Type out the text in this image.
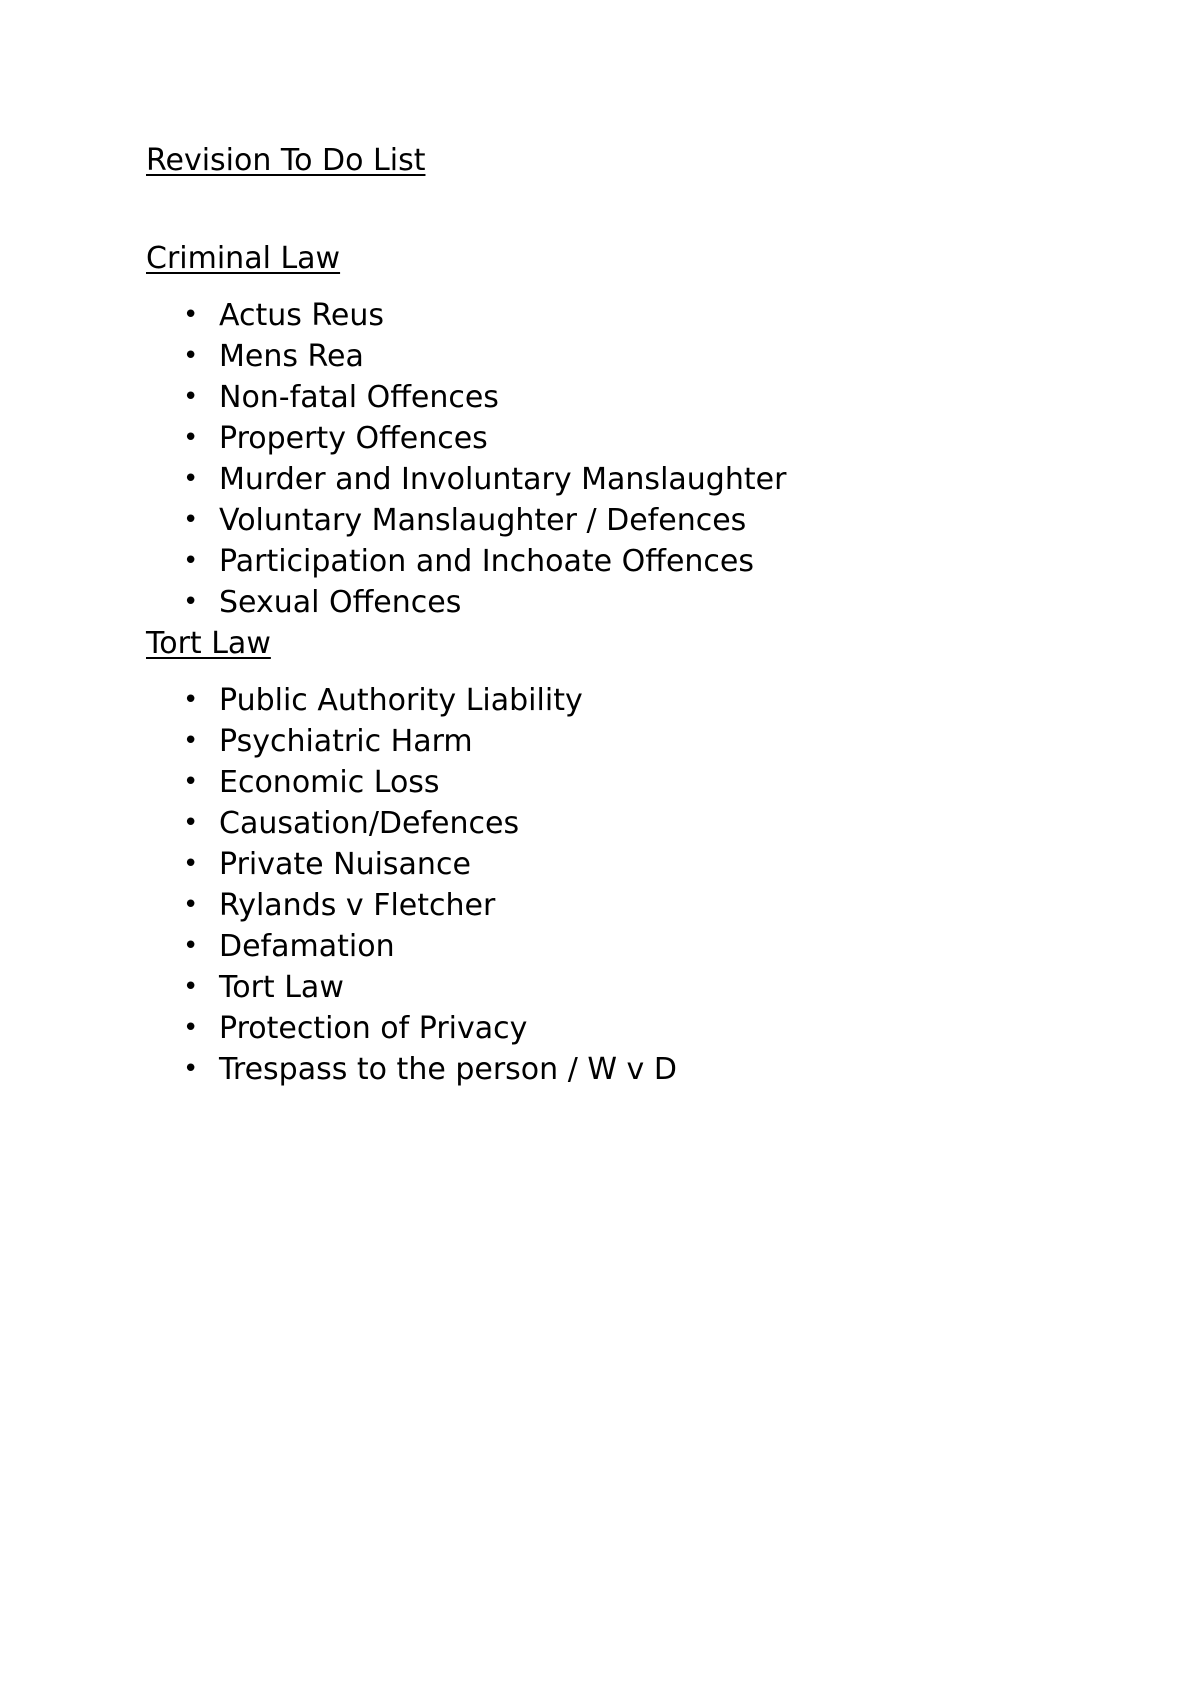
Revision To Do List
Criminal Law
• Actus Reus
• Mens Rea
• Non-fatal Offences
• Property Offences
• Murder and Involuntary Manslaughter
• Voluntary Manslaughter / Defences
• Participation and Inchoate Offences
• Sexual Offences
Tort Law
• Public Authority Liability
• Psychiatric Harm
• Economic Loss
• Causation/Defences
• Private Nuisance
• Rylands v Fletcher
• Defamation
• Tort Law
• Protection of Privacy
• Trespass to the person / W v D
